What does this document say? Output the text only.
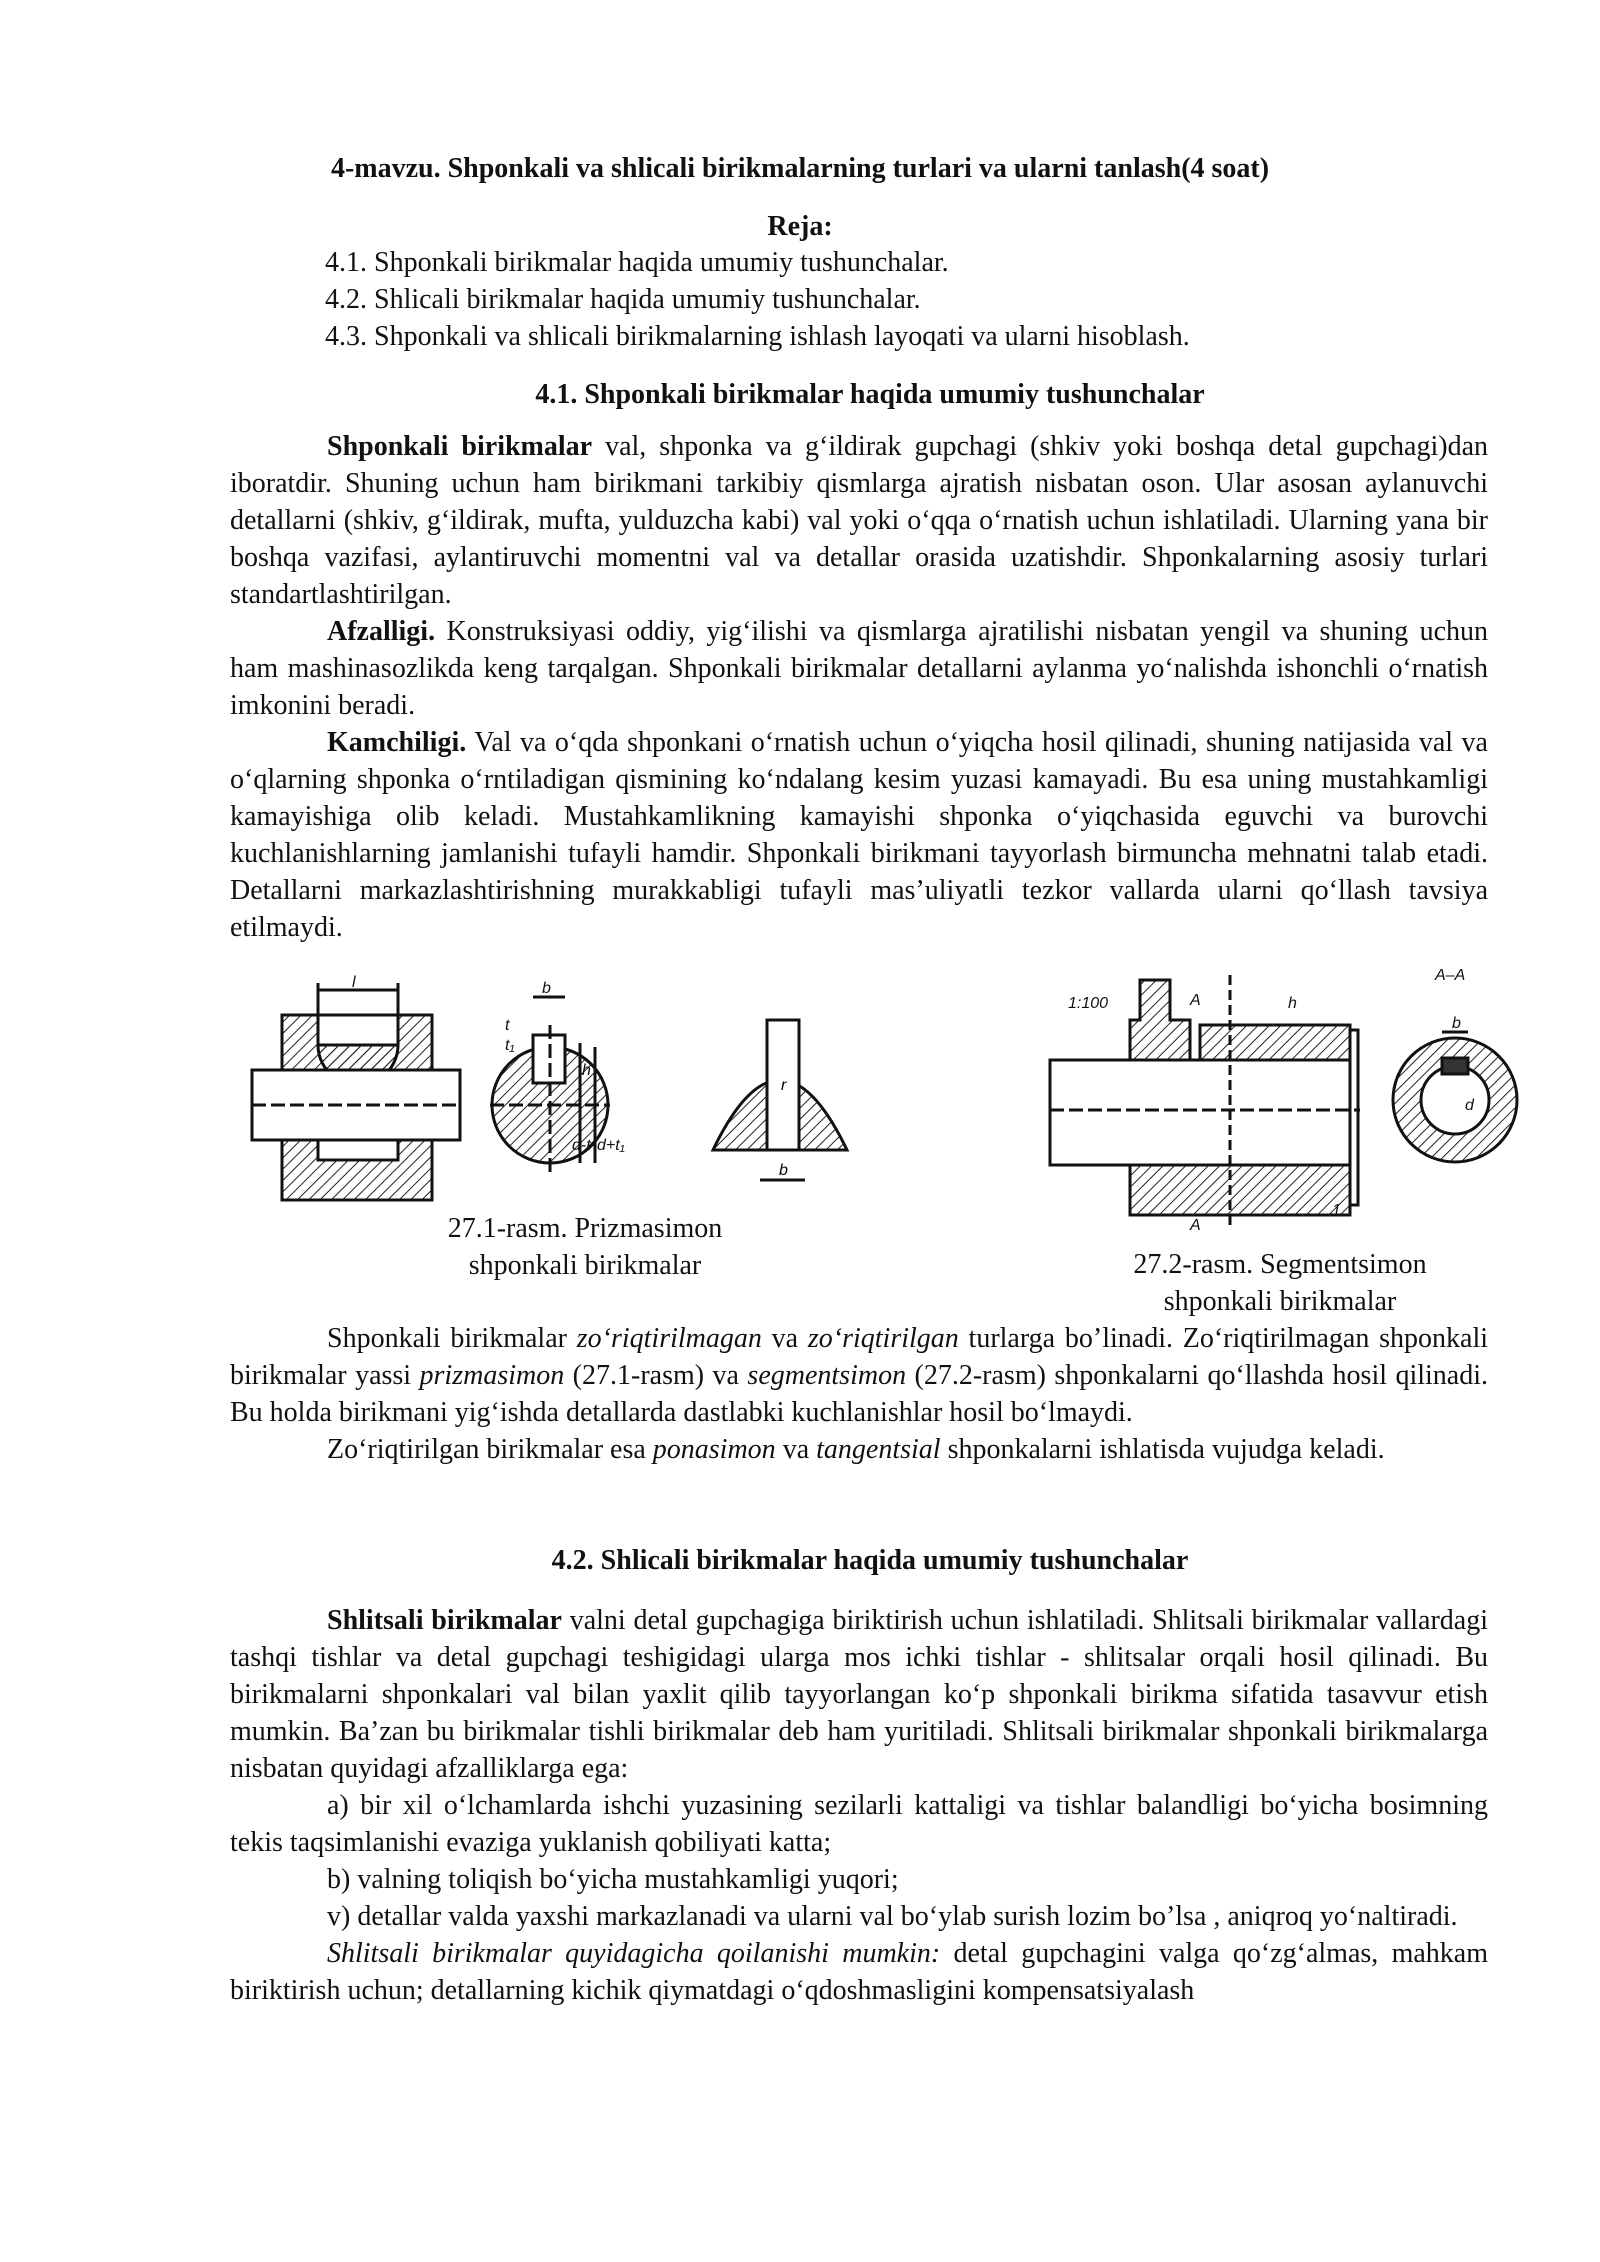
4-mavzu. Shponkali va shlicali birikmalarning turlari va ularni tanlash(4 soat)
Reja:
4.1. Shponkali birikmalar haqida umumiy tushunchalar.
4.2. Shlicali birikmalar haqida umumiy tushunchalar.
4.3. Shponkali va shlicali birikmalarning ishlash layoqati va ularni hisoblash.
4.1. Shponkali birikmalar haqida umumiy tushunchalar

Shponkali birikmalar val, shponka va g‘ildirak gupchagi (shkiv yoki boshqa detal gupchagi)dan iboratdir. Shuning uchun ham birikmani tarkibiy qismlarga ajratish nisbatan oson. Ular asosan aylanuvchi detallarni (shkiv, g‘ildirak, mufta, yulduzcha kabi) val yoki o‘qqa o‘rnatish uchun ishlatiladi. Ularning yana bir boshqa vazifasi, aylantiruvchi momentni val va detallar orasida uzatishdir. Shponkalarning asosiy turlari standartlashtirilgan.

Afzalligi. Konstruksiyasi oddiy, yig‘ilishi va qismlarga ajratilishi nisbatan yengil va shuning uchun ham mashinasozlikda keng tarqalgan. Shponkali birikmalar detallarni aylanma yo‘nalishda ishonchli o‘rnatish imkonini beradi.

Kamchiligi. Val va o‘qda shponkani o‘rnatish uchun o‘yiqcha hosil qilinadi, shuning natijasida val va o‘qlarning shponka o‘rntiladigan qismining ko‘ndalang kesim yuzasi kamayadi. Bu esa uning mustahkamligi kamayishiga olib keladi. Mustahkamlikning kamayishi shponka o‘yiqchasida eguvchi va burovchi kuchlanishlarning jamlanishi tufayli hamdir. Shponkali birikmani tayyorlash birmuncha mehnatni talab etadi. Detallarni markazlashtirishning murakkabligi tufayli mas’uliyatli tezkor vallarda ularni qo‘llash tavsiya etilmaydi.

l	b
t
t₁
h
d-t d+t₁
b
r
1:100	A
A
A–A
h
b
d
1
27.1-rasm. Prizmasimon
shponkali birikmalar	27.2-rasm. Segmentsimon
shponkali birikmalar

Shponkali birikmalar zo‘riqtirilmagan va zo‘riqtirilgan turlarga bo’linadi. Zo‘riqtirilmagan shponkali birikmalar yassi prizmasimon (27.1-rasm) va segmentsimon (27.2-rasm) shponkalarni qo‘llashda hosil qilinadi. Bu holda birikmani yig‘ishda detallarda dastlabki kuchlanishlar hosil bo‘lmaydi.

Zo‘riqtirilgan birikmalar esa ponasimon va tangentsial shponkalarni ishlatisda vujudga keladi.

4.2. Shlicali birikmalar haqida umumiy tushunchalar

Shlitsali birikmalar valni detal gupchagiga biriktirish uchun ishlatiladi. Shlitsali birikmalar vallardagi tashqi tishlar va detal gupchagi teshigidagi ularga mos ichki tishlar - shlitsalar orqali hosil qilinadi. Bu birikmalarni shponkalari val bilan yaxlit qilib tayyorlangan ko‘p shponkali birikma sifatida tasavvur etish mumkin. Ba’zan bu birikmalar tishli birikmalar deb ham yuritiladi. Shlitsali birikmalar shponkali birikmalarga nisbatan quyidagi afzalliklarga ega:

a) bir xil o‘lchamlarda ishchi yuzasining sezilarli kattaligi va tishlar balandligi bo‘yicha bosimning tekis taqsimlanishi evaziga yuklanish qobiliyati katta;

b) valning toliqish bo‘yicha mustahkamligi yuqori;

v) detallar valda yaxshi markazlanadi va ularni val bo‘ylab surish lozim bo’lsa , aniqroq yo‘naltiradi.

Shlitsali birikmalar quyidagicha qoilanishi mumkin: detal gupchagini valga qo‘zg‘almas, mahkam biriktirish uchun; detallarning kichik qiymatdagi o‘qdoshmasligini kompensatsiyalash
